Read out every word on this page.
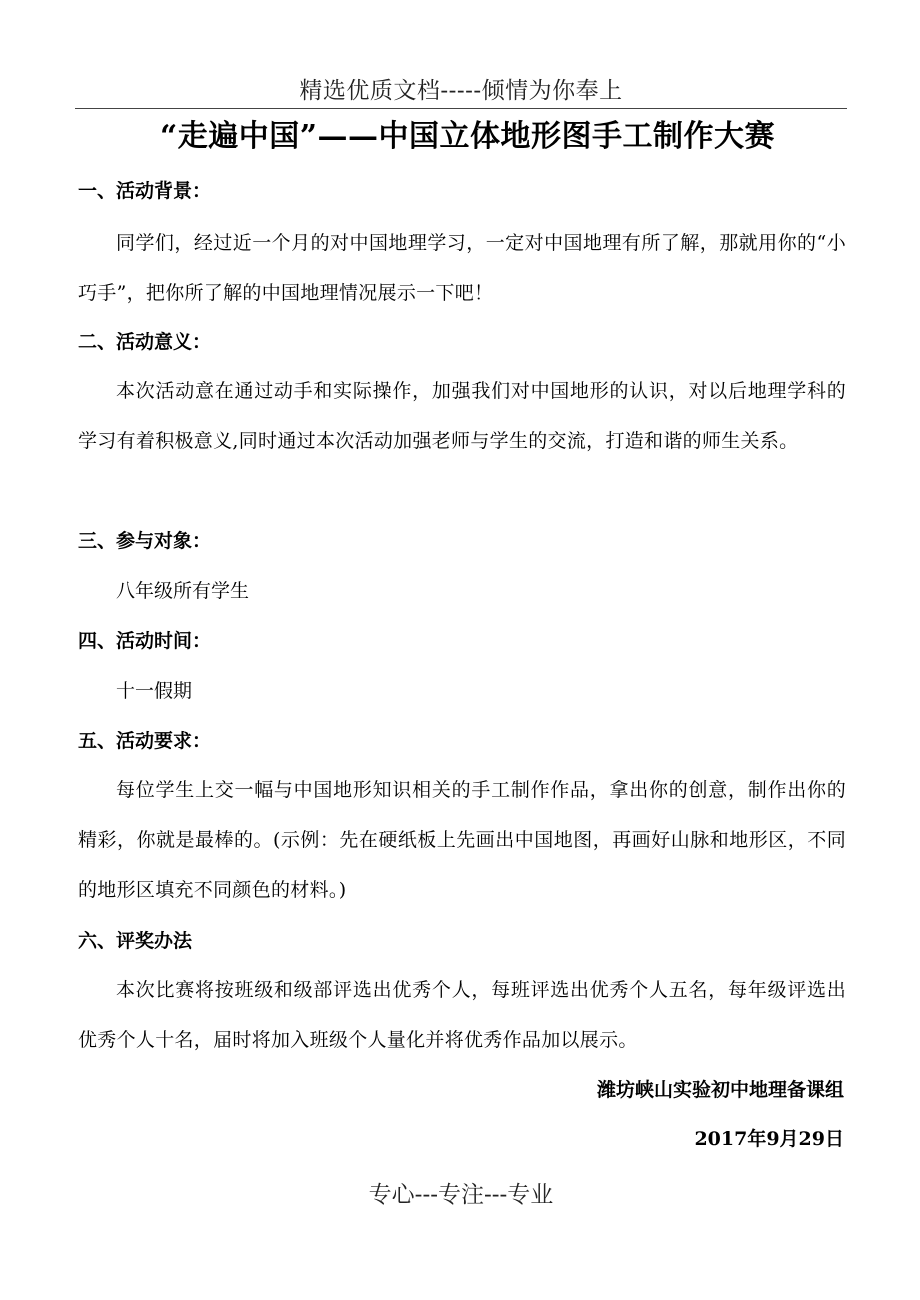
精选优质文档-----倾情为你奉上
“走遍中国”——中国立体地形图手工制作大赛
一、活动背景：
同学们，经过近一个月的对中国地理学习，一定对中国地理有所了解，那就用你的“小巧手”，把你所了解的中国地理情况展示一下吧！
二、活动意义：
本次活动意在通过动手和实际操作，加强我们对中国地形的认识，对以后地理学科的学习有着积极意义,同时通过本次活动加强老师与学生的交流，打造和谐的师生关系。
三、参与对象：
八年级所有学生
四、活动时间：
十一假期
五、活动要求：
每位学生上交一幅与中国地形知识相关的手工制作作品，拿出你的创意，制作出你的精彩，你就是最棒的。(示例：先在硬纸板上先画出中国地图，再画好山脉和地形区，不同的地形区填充不同颜色的材料。)
六、评奖办法
本次比赛将按班级和级部评选出优秀个人，每班评选出优秀个人五名，每年级评选出优秀个人十名，届时将加入班级个人量化并将优秀作品加以展示。
潍坊峡山实验初中地理备课组
2017年9月29日
专心---专注---专业
